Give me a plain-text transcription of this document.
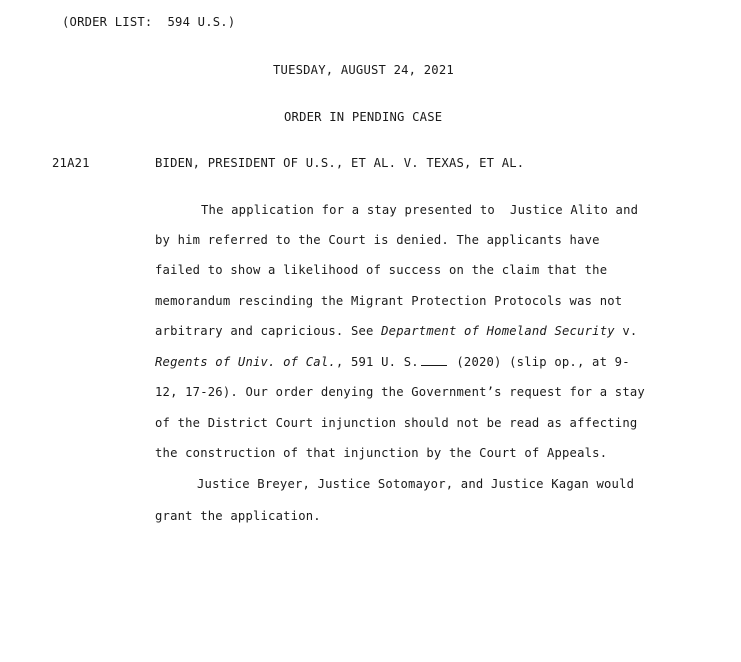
(ORDER LIST:  594 U.S.)
TUESDAY, AUGUST 24, 2021
ORDER IN PENDING CASE
21A21	BIDEN, PRESIDENT OF U.S., ET AL. V. TEXAS, ET AL.
The application for a stay presented to  Justice Alito and
by him referred to the Court is denied. The applicants have
failed to show a likelihood of success on the claim that the
memorandum rescinding the Migrant Protection Protocols was not
arbitrary and capricious. See Department of Homeland Security v.
Regents of Univ. of Cal., 591 U. S. (2020) (slip op., at 9-
12, 17-26). Our order denying the Government’s request for a stay
of the District Court injunction should not be read as affecting
the construction of that injunction by the Court of Appeals.
Justice Breyer, Justice Sotomayor, and Justice Kagan would
grant the application.
